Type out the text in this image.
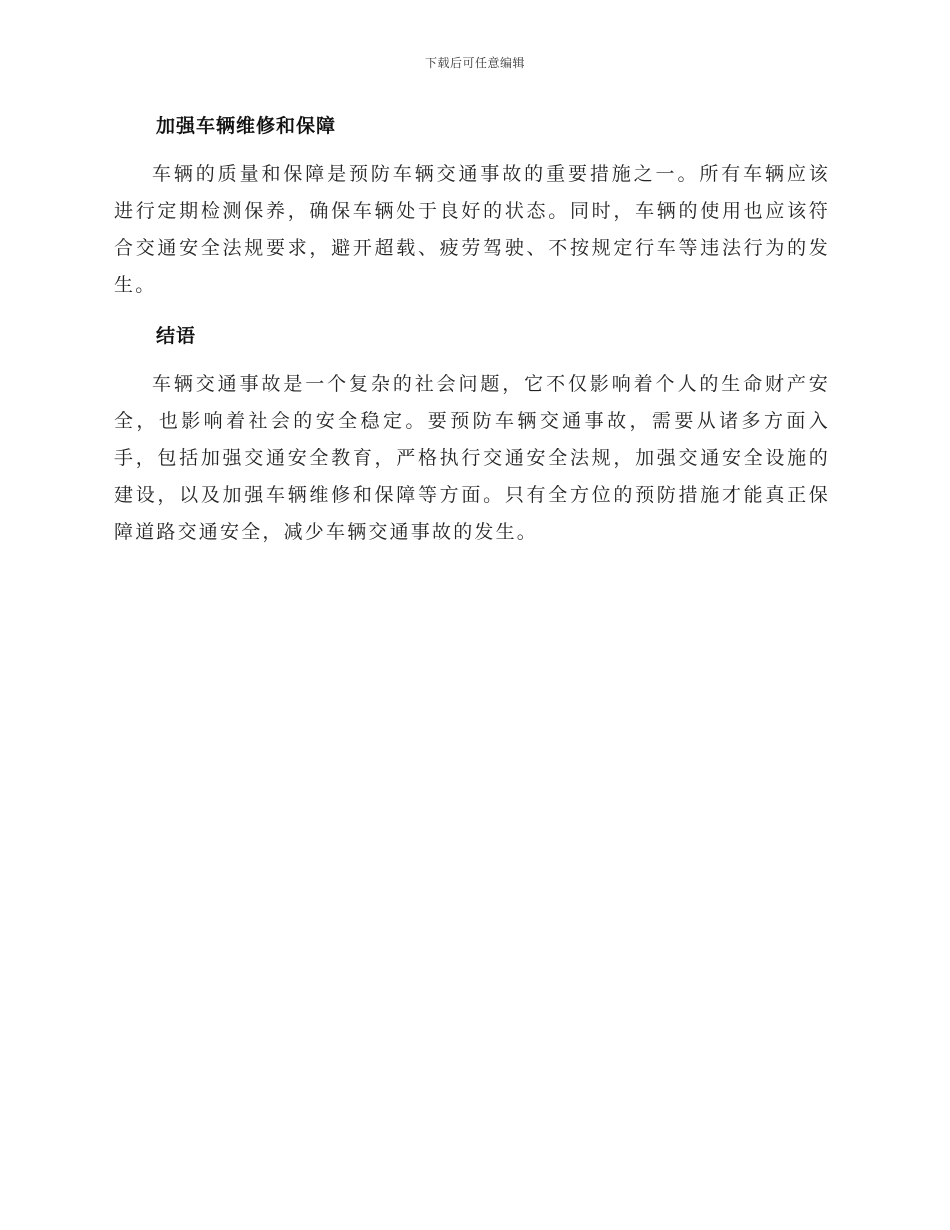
下载后可任意编辑
加强车辆维修和保障

车辆的质量和保障是预防车辆交通事故的重要措施之一。所有车辆应该进行定期检测保养，确保车辆处于良好的状态。同时，车辆的使用也应该符合交通安全法规要求，避开超载、疲劳驾驶、不按规定行车等违法行为的发生。

结语

车辆交通事故是一个复杂的社会问题，它不仅影响着个人的生命财产安全，也影响着社会的安全稳定。要预防车辆交通事故，需要从诸多方面入手，包括加强交通安全教育，严格执行交通安全法规，加强交通安全设施的建设，以及加强车辆维修和保障等方面。只有全方位的预防措施才能真正保障道路交通安全，减少车辆交通事故的发生。
